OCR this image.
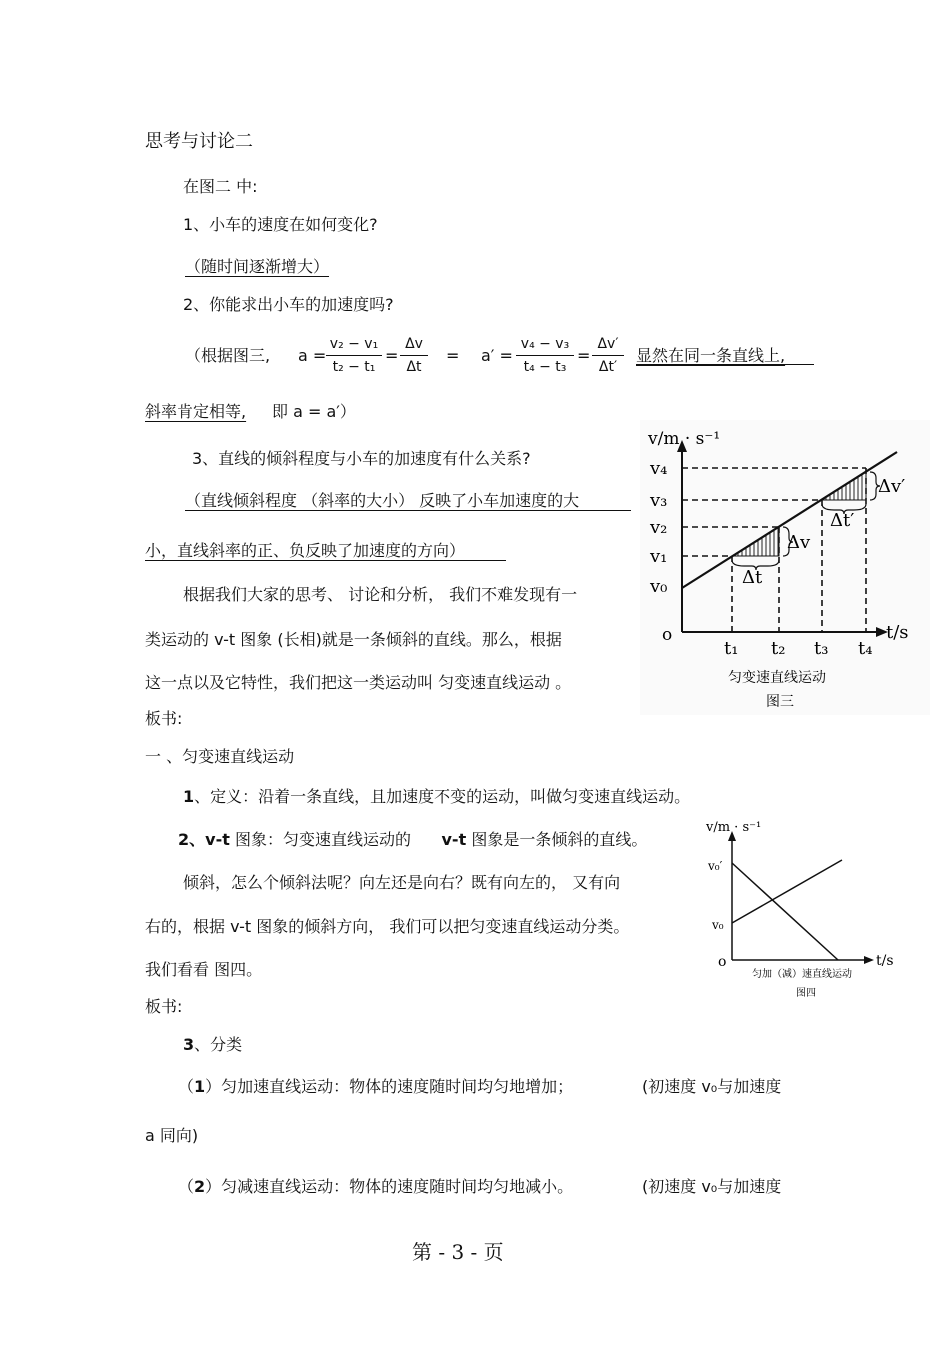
思考与讨论二
在图二 中:
1、小车的速度在如何变化?
（随时间逐渐增大）
2、你能求出小车的加速度吗?
（根据图三, $a = \frac{\text{v₂ − v₁}}{\text{t₂ − t₁}} = \frac{\Delta v}{\Delta t} = a' = \frac{\text{v₄ − v₃}}{\text{t₄ − t₃}} = \frac{\Delta v'}{\Delta t'}$ 显然在同一条直线上,
斜率肯定相等, 即 a = a′）
3、直线的倾斜程度与小车的加速度有什么关系?
（直线倾斜程度 （斜率的大小） 反映了小车加速度的大
小，直线斜率的正、负反映了加速度的方向）
根据我们大家的思考、 讨论和分析， 我们不难发现有一
类运动的 v-t 图象 (长相)就是一条倾斜的直线。那么，根据
这一点以及它特性，我们把这一类运动叫 匀变速直线运动 。
板书:
一 、匀变速直线运动
1、定义：沿着一条直线，且加速度不变的运动，叫做匀变速直线运动。
2、v-t 图象：匀变速直线运动的 v-t 图象是一条倾斜的直线。
倾斜，怎么个倾斜法呢？向左还是向右？既有向左的， 又有向
右的，根据 v-t 图象的倾斜方向， 我们可以把匀变速直线运动分类。
我们看看 图四。
板书:
3、分类
（1）匀加速直线运动：物体的速度随时间均匀地增加；	(初速度 v₀与加速度
a 同向)
（2）匀减速直线运动：物体的速度随时间均匀地减小。	(初速度 v₀与加速度
第 - 3 - 页
v/m · s⁻¹
t/s
o
v₄
v₃
v₂
v₁
v₀
t₁ t₂ t₃ t₄
Δv
Δt
Δv′
Δt′
匀变速直线运动
图三
v/m · s⁻¹
t/s
o
v₀′
v₀
匀加（减）速直线运动
图四
